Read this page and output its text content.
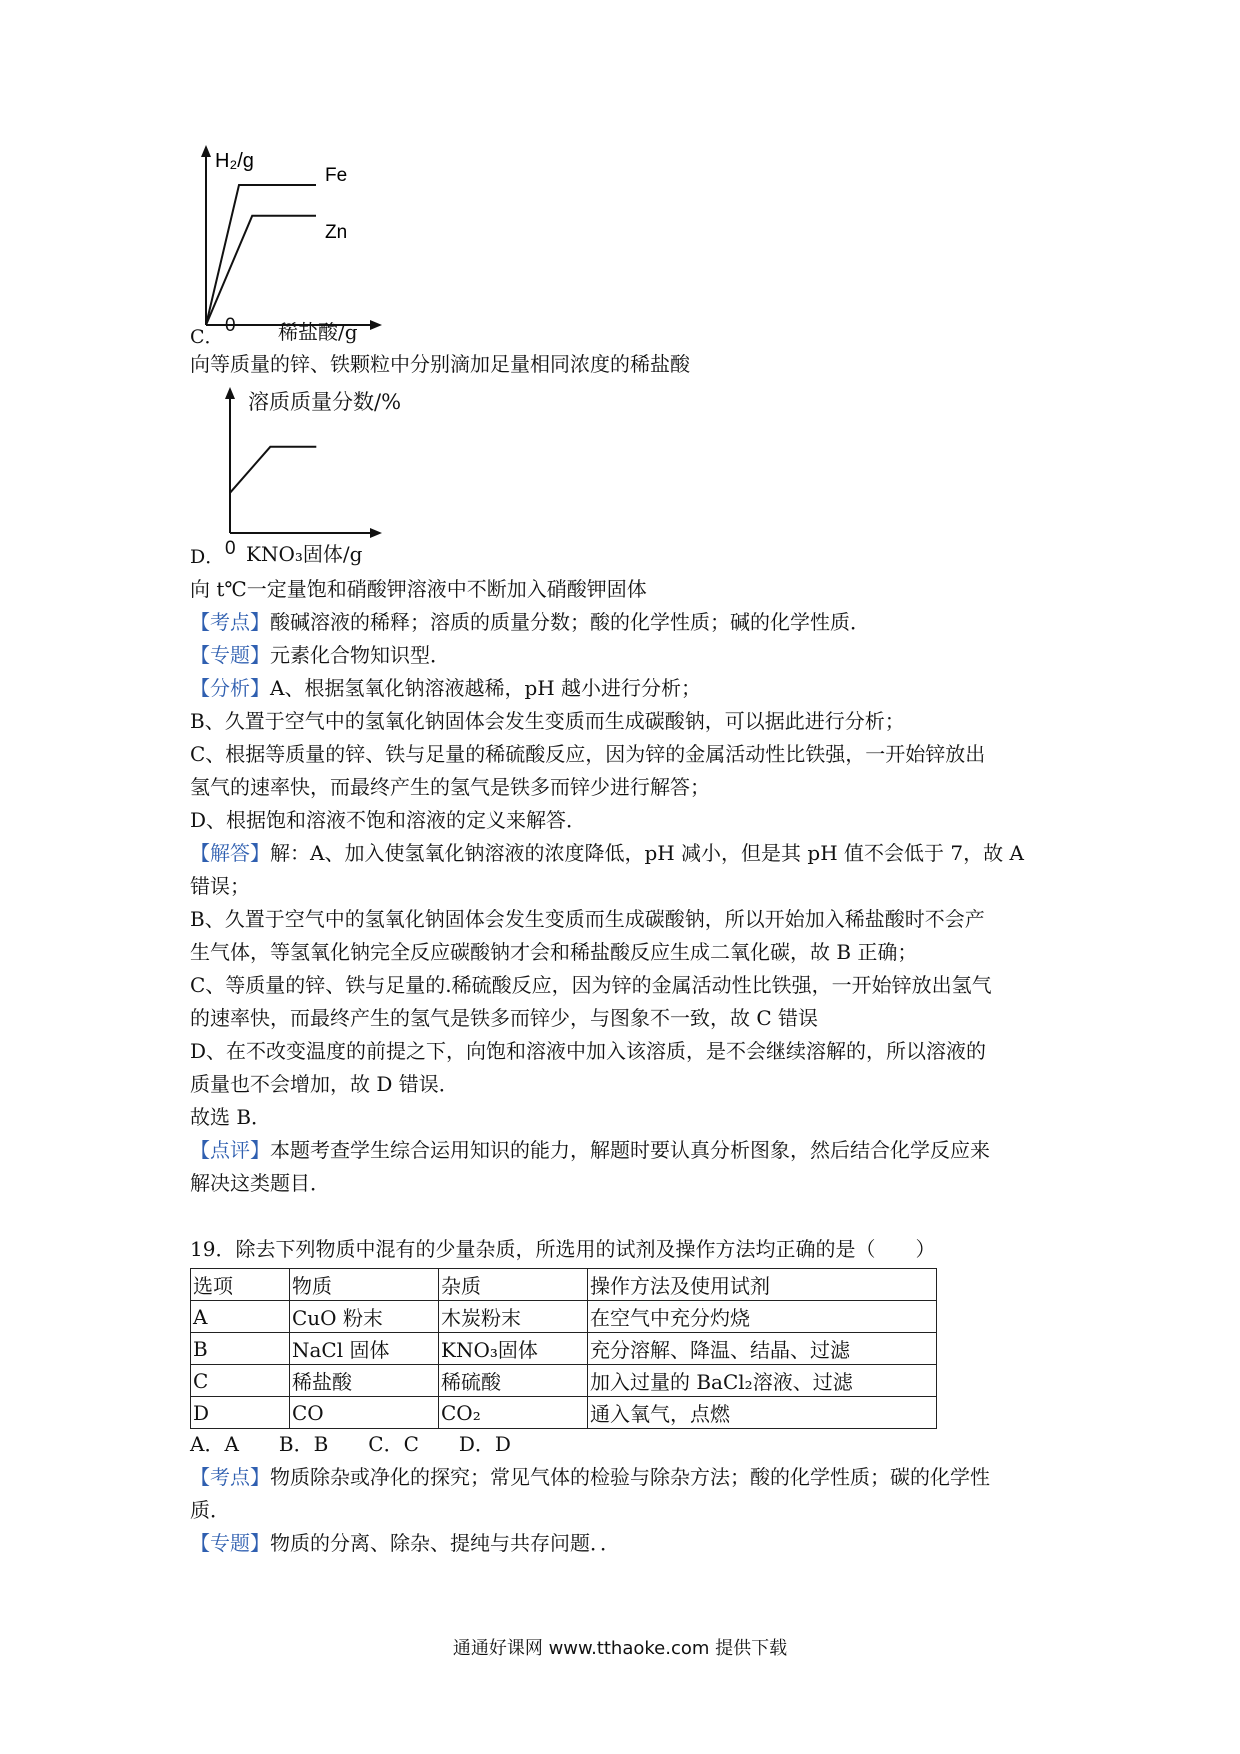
H₂/g
Fe
Zn
C．
0 稀盐酸/g
向等质量的锌、铁颗粒中分别滴加足量相同浓度的稀盐酸
溶质质量分数/%
D． 0 KNO₃固体/g
向 t℃一定量饱和硝酸钾溶液中不断加入硝酸钾固体
【考点】酸碱溶液的稀释；溶质的质量分数；酸的化学性质；碱的化学性质．
【专题】元素化合物知识型．
【分析】A、根据氢氧化钠溶液越稀，pH 越小进行分析；
B、久置于空气中的氢氧化钠固体会发生变质而生成碳酸钠，可以据此进行分析；
C、根据等质量的锌、铁与足量的稀硫酸反应，因为锌的金属活动性比铁强，一开始锌放出
氢气的速率快，而最终产生的氢气是铁多而锌少进行解答；
D、根据饱和溶液不饱和溶液的定义来解答．
【解答】解：A、加入使氢氧化钠溶液的浓度降低，pH 减小，但是其 pH 值不会低于 7，故 A
错误；
B、久置于空气中的氢氧化钠固体会发生变质而生成碳酸钠，所以开始加入稀盐酸时不会产
生气体，等氢氧化钠完全反应碳酸钠才会和稀盐酸反应生成二氧化碳，故 B 正确；
C、等质量的锌、铁与足量的.稀硫酸反应，因为锌的金属活动性比铁强，一开始锌放出氢气
的速率快，而最终产生的氢气是铁多而锌少，与图象不一致，故 C 错误
D、在不改变温度的前提之下，向饱和溶液中加入该溶质，是不会继续溶解的，所以溶液的
质量也不会增加，故 D 错误．
故选 B．
【点评】本题考查学生综合运用知识的能力，解题时要认真分析图象，然后结合化学反应来
解决这类题目．
19．除去下列物质中混有的少量杂质，所选用的试剂及操作方法均正确的是（　　）
选项	物质	杂质	操作方法及使用试剂
A	CuO 粉末	木炭粉末	在空气中充分灼烧
B	NaCl 固体	KNO₃固体	充分溶解、降温、结晶、过滤
C	稀盐酸	稀硫酸	加入过量的 BaCl₂溶液、过滤
D	CO	CO₂	通入氧气，点燃
A．A　　B．B　　C．C　　D．D
【考点】物质除杂或净化的探究；常见气体的检验与除杂方法；酸的化学性质；碳的化学性
质．
【专题】物质的分离、除杂、提纯与共存问题．．
通通好课网 www.tthaoke.com 提供下载
